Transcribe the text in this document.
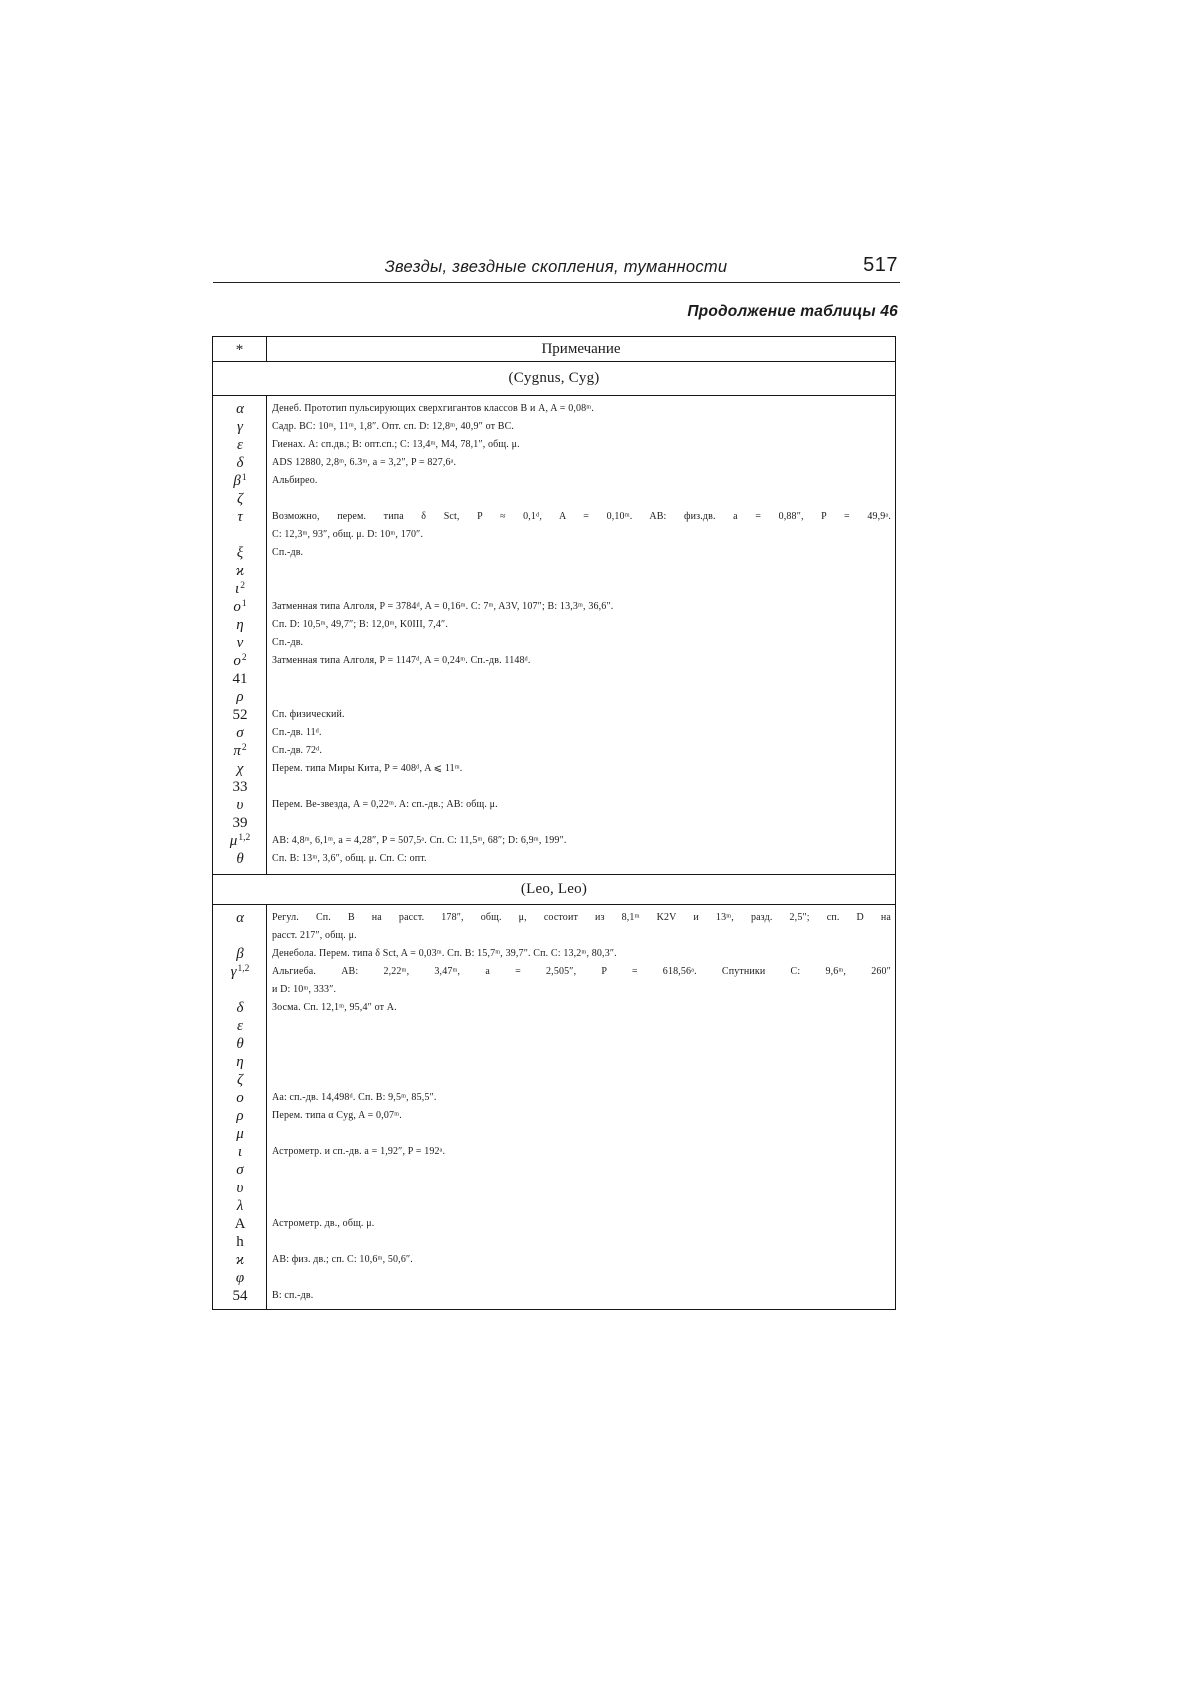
Звезды, звездные скопления, туманности	517
Продолжение таблицы 46
*	Примечание
(Cygnus, Cyg)
α	Денеб. Прототип пульсирующих сверхгигантов классов B и A, A = 0,08ᵐ.
γ	Садр. BC: 10ᵐ, 11ᵐ, 1,8″. Опт. сп. D: 12,8ᵐ, 40,9″ от BC.
ε	Гиенах. A: сп.дв.; B: опт.сп.; C: 13,4ᵐ, M4, 78,1″, общ. μ.
δ	ADS 12880, 2,8ᵐ, 6.3ᵐ, a = 3,2″, P = 827,6ᵃ.
$\beta^1$	Альбирео.
ζ
τ	Возможно, перем. типа δ Sct, P ≈ 0,1ᵈ, A = 0,10ᵐ. AB: физ.дв. a = 0,88″, P = 49,9ᵃ.
C: 12,3ᵐ, 93″, общ. μ. D: 10ᵐ, 170″.
ξ	Сп.-дв.
ϰ
$\iota^2$
$o^1$	Затменная типа Алголя, P = 3784ᵈ, A = 0,16ᵐ. C: 7ᵐ, A3V, 107″; B: 13,3ᵐ, 36,6″.
η	Сп. D: 10,5ᵐ, 49,7″; B: 12,0ᵐ, K0III, 7,4″.
ν	Сп.-дв.
$o^2$	Затменная типа Алголя, P = 1147ᵈ, A = 0,24ᵐ. Сп.-дв. 1148ᵈ.
41
ρ
52	Сп. физический.
σ	Сп.-дв. 11ᵈ.
$\pi^2$	Сп.-дв. 72ᵈ.
χ	Перем. типа Миры Кита, P = 408ᵈ, A ⩽ 11ᵐ.
33
υ	Перем. Be-звезда, A = 0,22ᵐ. A: сп.-дв.; AB: общ. μ.
39
$\mu^{1,2}$	AB: 4,8ᵐ, 6,1ᵐ, a = 4,28″, P = 507,5ᵃ. Сп. C: 11,5ᵐ, 68″; D: 6,9ᵐ, 199″.
θ	Сп. B: 13ᵐ, 3,6″, общ. μ. Сп. C: опт.
(Leo, Leo)
α	Регул. Сп. B на расст. 178″, общ. μ, состоит из 8,1ᵐ K2V и 13ᵐ, разд. 2,5″; сп. D на
расст. 217″, общ. μ.
β	Денебола. Перем. типа δ Sct, A = 0,03ᵐ. Сп. B: 15,7ᵐ, 39,7″. Сп. C: 13,2ᵐ, 80,3″.
$\gamma^{1,2}$	Альгиеба. AB: 2,22ᵐ, 3,47ᵐ, a = 2,505″, P = 618,56ᵃ. Спутники C: 9,6ᵐ, 260″
и D: 10ᵐ, 333″.
δ	Зосма. Сп. 12,1ᵐ, 95,4″ от A.
ε
θ
η
ζ
ο	Aa: сп.-дв. 14,498ᵈ. Сп. B: 9,5ᵐ, 85,5″.
ρ	Перем. типа α Cyg, A = 0,07ᵐ.
μ
ι	Астрометр. и сп.-дв. a = 1,92″, P = 192ᵃ.
σ
υ
λ
A	Астрометр. дв., общ. μ.
h
ϰ	AB: физ. дв.; сп. C: 10,6ᵐ, 50,6″.
φ
54	B: сп.-дв.
